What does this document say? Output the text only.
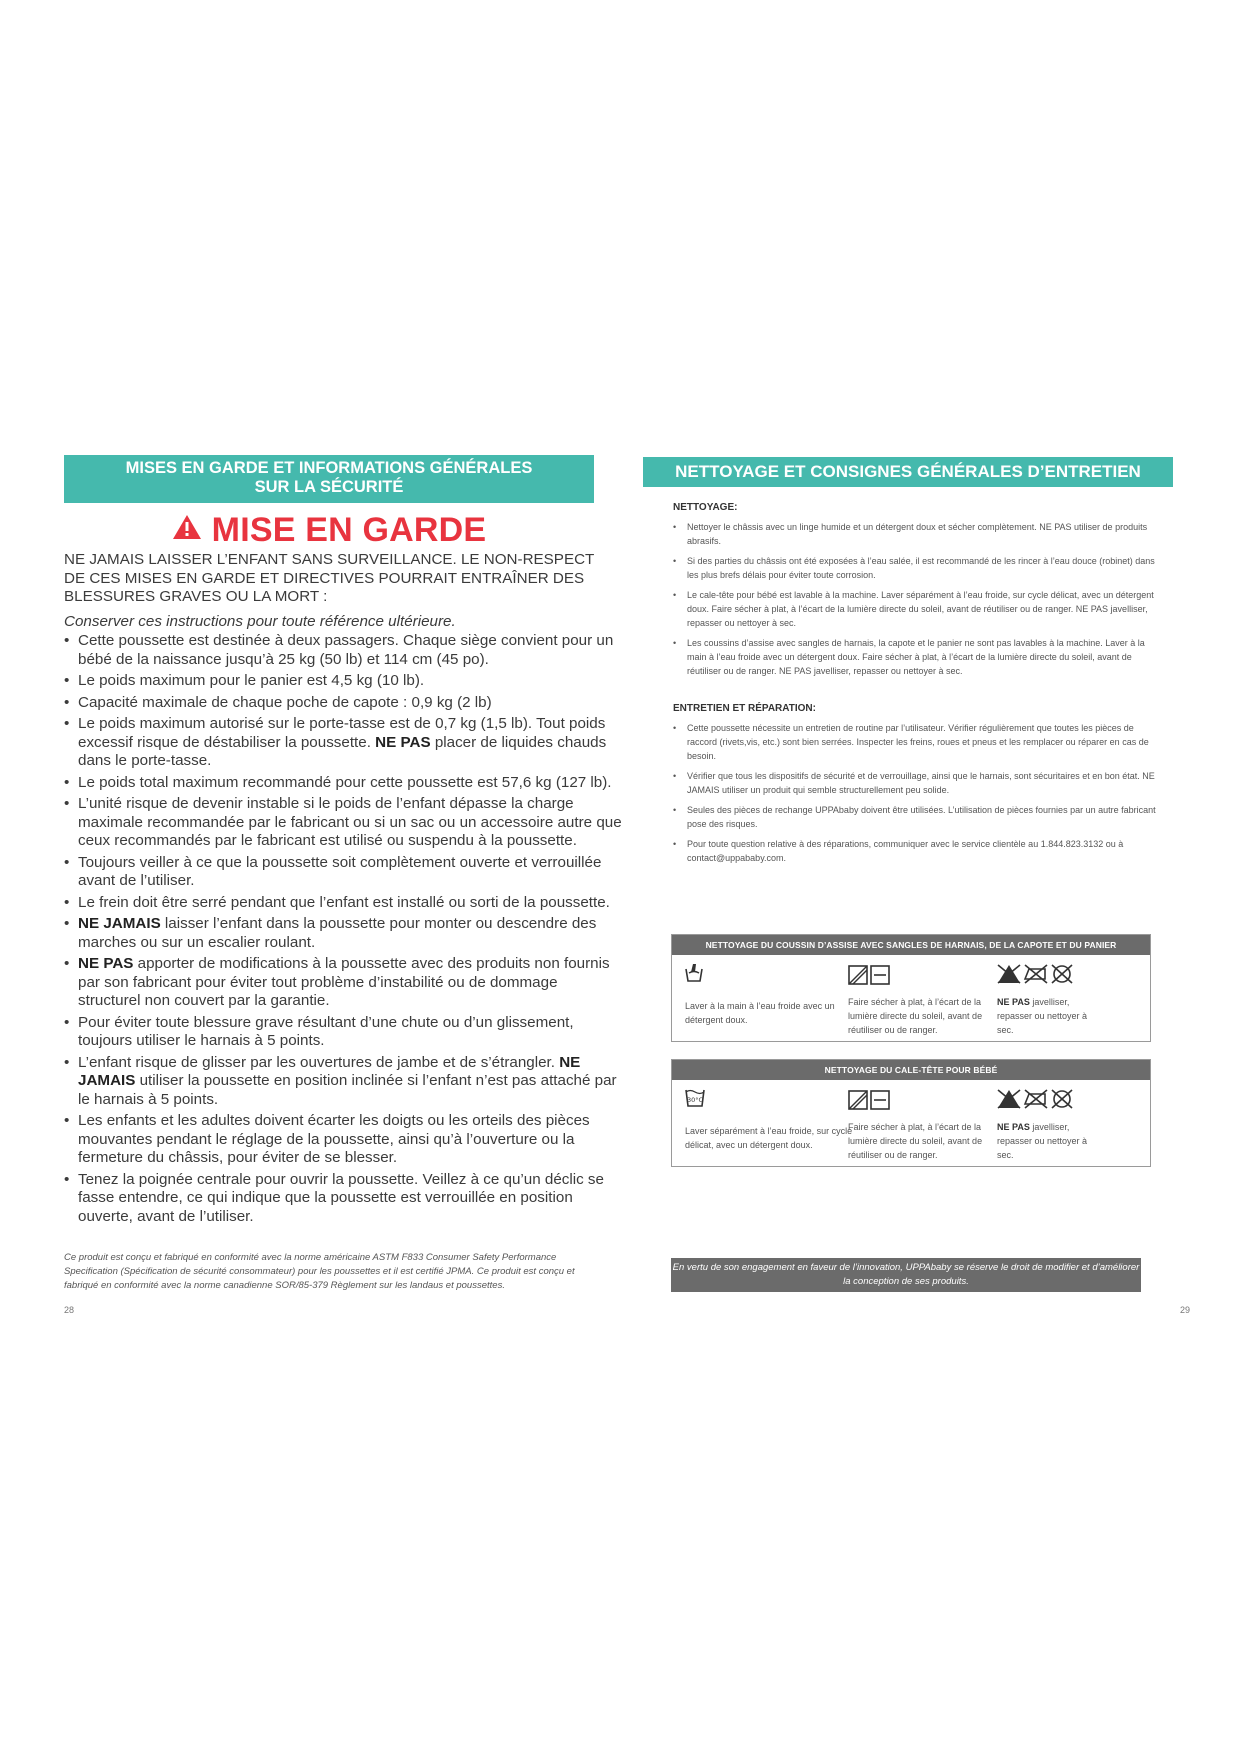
MISES EN GARDE ET INFORMATIONS GÉNÉRALES
SUR LA SÉCURITÉ
MISE EN GARDE
NE JAMAIS LAISSER L’ENFANT SANS SURVEILLANCE. LE NON-RESPECT DE CES MISES EN GARDE ET DIRECTIVES POURRAIT ENTRAÎNER DES BLESSURES GRAVES OU LA MORT :
Conserver ces instructions pour toute référence ultérieure.
• Cette poussette est destinée à deux passagers. Chaque siège convient pour un bébé de la naissance jusqu’à 25 kg (50 lb) et 114 cm (45 po).
• Le poids maximum pour le panier est 4,5 kg (10 lb).
• Capacité maximale de chaque poche de capote : 0,9 kg (2 lb)
• Le poids maximum autorisé sur le porte-tasse est de 0,7 kg (1,5 lb). Tout poids excessif risque de déstabiliser la poussette. NE PAS placer de liquides chauds dans le porte-tasse.
• Le poids total maximum recommandé pour cette poussette est 57,6 kg (127 lb).
• L’unité risque de devenir instable si le poids de l’enfant dépasse la charge maximale recommandée par le fabricant ou si un sac ou un accessoire autre que ceux recommandés par le fabricant est utilisé ou suspendu à la poussette.
• Toujours veiller à ce que la poussette soit complètement ouverte et verrouillée avant de l’utiliser.
• Le frein doit être serré pendant que l’enfant est installé ou sorti de la poussette.
• NE JAMAIS laisser l’enfant dans la poussette pour monter ou descendre des marches ou sur un escalier roulant.
• NE PAS apporter de modifications à la poussette avec des produits non fournis par son fabricant pour éviter tout problème d’instabilité ou de dommage structurel non couvert par la garantie.
• Pour éviter toute blessure grave résultant d’une chute ou d’un glissement, toujours utiliser le harnais à 5 points.
• L’enfant risque de glisser par les ouvertures de jambe et de s’étrangler. NE JAMAIS utiliser la poussette en position inclinée si l’enfant n’est pas attaché par le harnais à 5 points.
• Les enfants et les adultes doivent écarter les doigts ou les orteils des pièces mouvantes pendant le réglage de la poussette, ainsi qu’à l’ouverture ou la fermeture du châssis, pour éviter de se blesser.
• Tenez la poignée centrale pour ouvrir la poussette. Veillez à ce qu’un déclic se fasse entendre, ce qui indique que la poussette est verrouillée en position ouverte, avant de l’utiliser.
Ce produit est conçu et fabriqué en conformité avec la norme américaine ASTM F833 Consumer Safety Performance Specification (Spécification de sécurité consommateur) pour les poussettes et il est certifié JPMA. Ce produit est conçu et fabriqué en conformité avec la norme canadienne SOR/85-379 Règlement sur les landaus et poussettes.
28
NETTOYAGE ET CONSIGNES GÉNÉRALES D’ENTRETIEN
NETTOYAGE:
• Nettoyer le châssis avec un linge humide et un détergent doux et sécher complètement. NE PAS utiliser de produits abrasifs.
• Si des parties du châssis ont été exposées à l’eau salée, il est recommandé de les rincer à l’eau douce (robinet) dans les plus brefs délais pour éviter toute corrosion.
• Le cale-tête pour bébé est lavable à la machine. Laver séparément à l’eau froide, sur cycle délicat, avec un détergent doux. Faire sécher à plat, à l’écart de la lumière directe du soleil, avant de réutiliser ou de ranger. NE PAS javelliser, repasser ou nettoyer à sec.
• Les coussins d’assise avec sangles de harnais, la capote et le panier ne sont pas lavables à la machine. Laver à la main à l’eau froide avec un détergent doux. Faire sécher à plat, à l’écart de la lumière directe du soleil, avant de réutiliser ou de ranger. NE PAS javelliser, repasser ou nettoyer à sec.
ENTRETIEN ET RÉPARATION:
• Cette poussette nécessite un entretien de routine par l’utilisateur. Vérifier régulièrement que toutes les pièces de raccord (rivets,vis, etc.) sont bien serrées. Inspecter les freins, roues et pneus et les remplacer ou réparer en cas de besoin.
• Vérifier que tous les dispositifs de sécurité et de verrouillage, ainsi que le harnais, sont sécuritaires et en bon état. NE JAMAIS utiliser un produit qui semble structurellement peu solide.
• Seules des pièces de rechange UPPAbaby doivent être utilisées. L’utilisation de pièces fournies par un autre fabricant pose des risques.
• Pour toute question relative à des réparations, communiquer avec le service clientèle au 1.844.823.3132 ou à contact@uppababy.com.
NETTOYAGE DU COUSSIN D’ASSISE AVEC SANGLES DE HARNAIS, DE LA CAPOTE ET DU PANIER
Laver à la main à l’eau froide avec un détergent doux.
Faire sécher à plat, à l’écart de la lumière directe du soleil, avant de réutiliser ou de ranger.
NE PAS javelliser, repasser ou nettoyer à sec.
NETTOYAGE DU CALE-TÊTE POUR BÉBÉ
30°C
Laver séparément à l’eau froide, sur cycle délicat, avec un détergent doux.
Faire sécher à plat, à l’écart de la lumière directe du soleil, avant de réutiliser ou de ranger.
NE PAS javelliser, repasser ou nettoyer à sec.
En vertu de son engagement en faveur de l’innovation, UPPAbaby se réserve le droit de modifier et d’améliorer la conception de ses produits.
29
